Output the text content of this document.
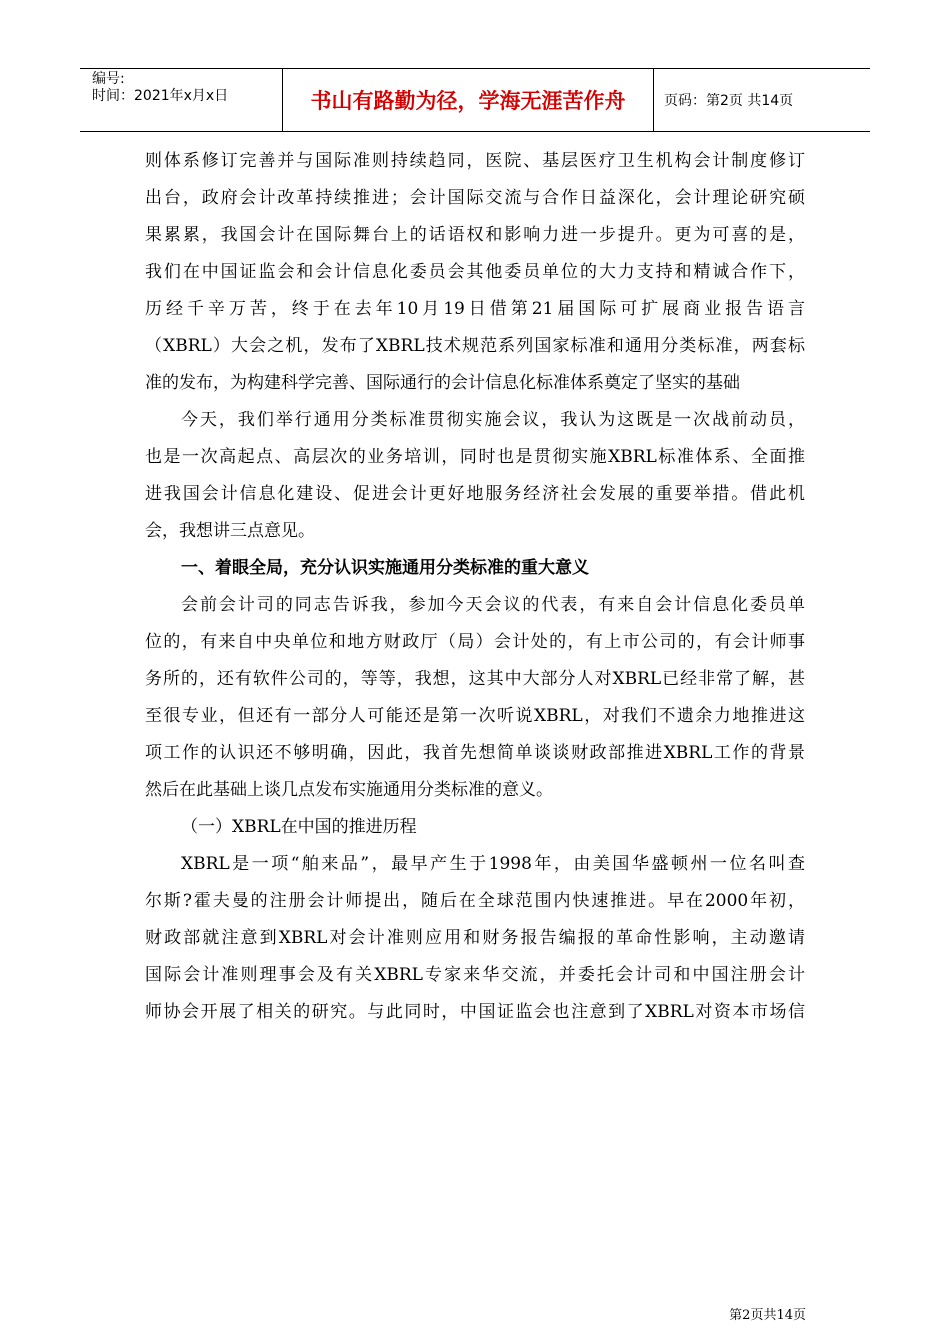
编号:
时间：2021年x月x日	书山有路勤为径，学海无涯苦作舟	页码：第2页 共14页
则体系修订完善并与国际准则持续趋同，医院、基层医疗卫生机构会计制度修订
出台，政府会计改革持续推进；会计国际交流与合作日益深化，会计理论研究硕
果累累，我国会计在国际舞台上的话语权和影响力进一步提升。更为可喜的是，
我们在中国证监会和会计信息化委员会其他委员单位的大力支持和精诚合作下，
历经千辛万苦，终于在去年10月19日借第21届国际可扩展商业报告语言
（XBRL）大会之机，发布了XBRL技术规范系列国家标准和通用分类标准，两套标
准的发布，为构建科学完善、国际通行的会计信息化标准体系奠定了坚实的基础
今天，我们举行通用分类标准贯彻实施会议，我认为这既是一次战前动员，
也是一次高起点、高层次的业务培训，同时也是贯彻实施XBRL标准体系、全面推
进我国会计信息化建设、促进会计更好地服务经济社会发展的重要举措。借此机
会，我想讲三点意见。
一、着眼全局，充分认识实施通用分类标准的重大意义
会前会计司的同志告诉我，参加今天会议的代表，有来自会计信息化委员单
位的，有来自中央单位和地方财政厅（局）会计处的，有上市公司的，有会计师事
务所的，还有软件公司的，等等，我想，这其中大部分人对XBRL已经非常了解，甚
至很专业，但还有一部分人可能还是第一次听说XBRL，对我们不遗余力地推进这
项工作的认识还不够明确，因此，我首先想简单谈谈财政部推进XBRL工作的背景
然后在此基础上谈几点发布实施通用分类标准的意义。
（一）XBRL在中国的推进历程
XBRL是一项“舶来品”，最早产生于1998年，由美国华盛顿州一位名叫查
尔斯?霍夫曼的注册会计师提出，随后在全球范围内快速推进。早在2000年初，
财政部就注意到XBRL对会计准则应用和财务报告编报的革命性影响，主动邀请
国际会计准则理事会及有关XBRL专家来华交流，并委托会计司和中国注册会计
师协会开展了相关的研究。与此同时，中国证监会也注意到了XBRL对资本市场信
第2页共14页
